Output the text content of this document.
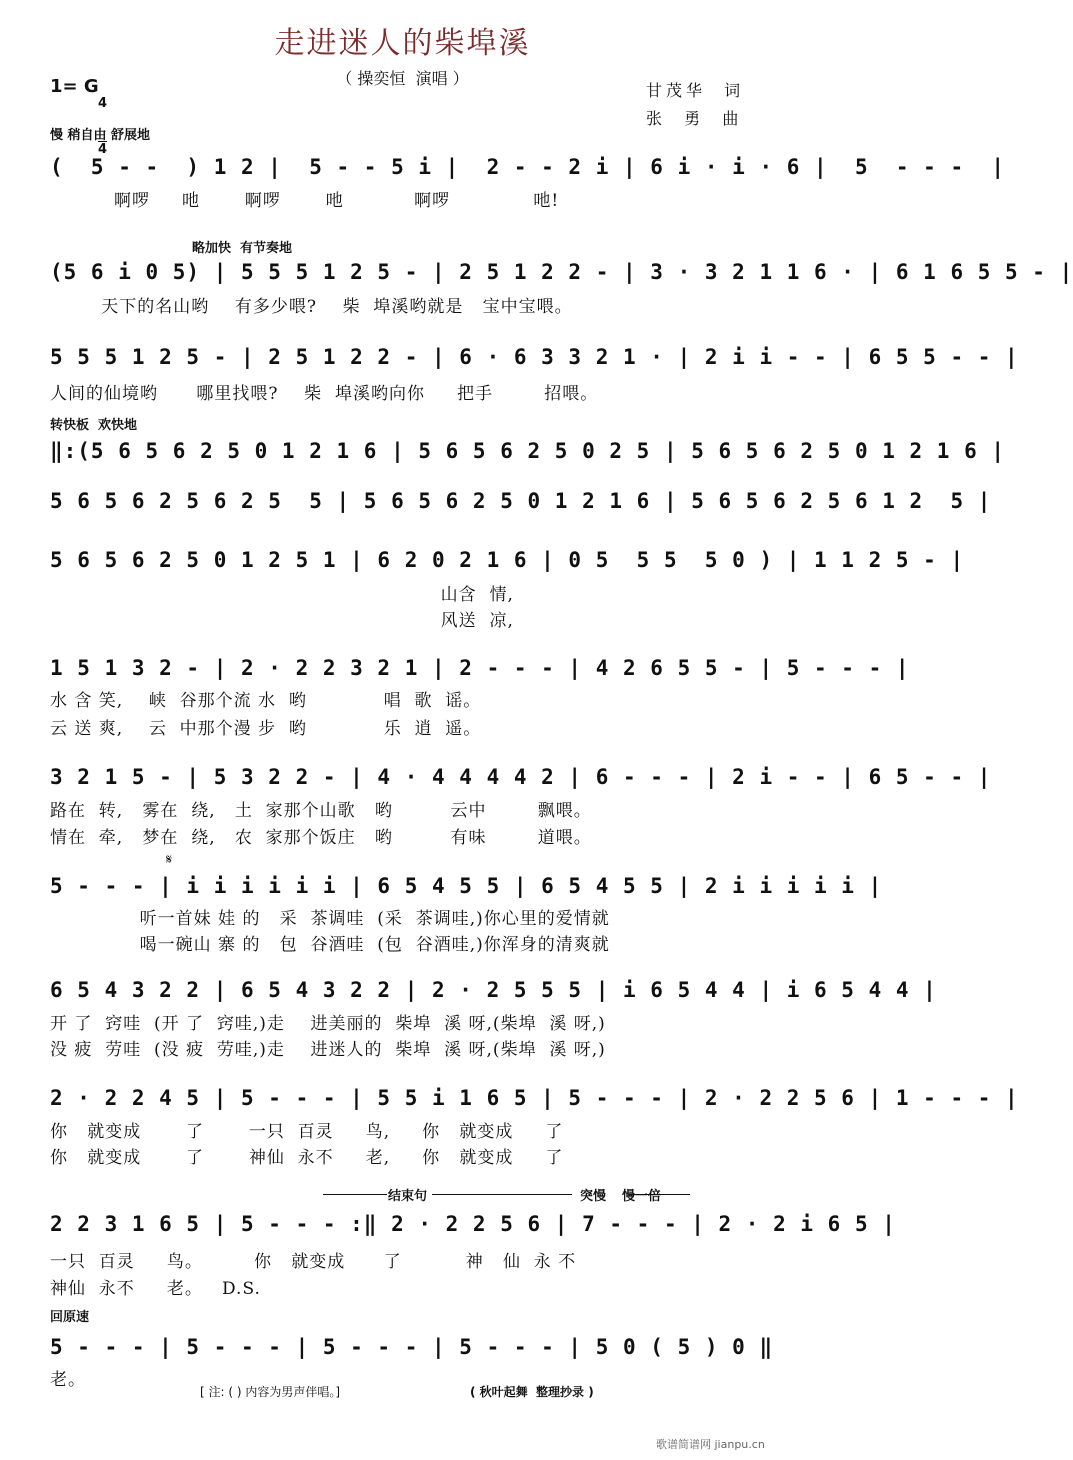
走进迷人的柴埠溪
（ 操奕恒  演唱 ）
1= G

4

4

甘茂华  词
张  勇  曲
慢 稍自由 舒展地
略加快  有节奏地
转快板  欢快地
回原速
(  5 - -  ) 1 2 |  5 - - 5 i |  2 - - 2 i | 6 i · i · 6 |  5  - - -  |
啊啰     吔       啊啰       吔           啊啰             吔!
(5 6 i 0 5) | 5 5 5 1 2 5 - | 2 5 1 2 2 - | 3 · 3 2 1 1 6 · | 6 1 6 5 5 - |
天下的名山哟    有多少喂?    柴  埠溪哟就是   宝中宝喂。
5 5 5 1 2 5 - | 2 5 1 2 2 - | 6 · 6 3 3 2 1 · | 2 i i - - | 6 5 5 - - |
人间的仙境哟      哪里找喂?    柴  埠溪哟向你     把手        招喂。
‖:(5 6 5 6 2 5 0 1 2 1 6 | 5 6 5 6 2 5 0 2 5 | 5 6 5 6 2 5 0 1 2 1 6 |
5 6 5 6 2 5 6 2 5  5 | 5 6 5 6 2 5 0 1 2 1 6 | 5 6 5 6 2 5 6 1 2  5 |
5 6 5 6 2 5 0 1 2 5 1 | 6 2 0 2 1 6 | 0 5  5 5  5 0 ) | 1 1 2 5 - |
山含  情,
风送  凉,
1 5 1 3 2 - | 2 · 2 2 3 2 1 | 2 - - - | 4 2 6 5 5 - | 5 - - - |
水 含 笑,    峡  谷那个流 水  哟            唱  歌  谣。
云 送 爽,    云  中那个漫 步  哟            乐  逍  遥。
3 2 1 5 - | 5 3 2 2 - | 4 · 4 4 4 4 2 | 6 - - - | 2 i - - | 6 5 - - |
路在  转,   雾在  绕,   土  家那个山歌   哟         云中        飘喂。
情在  牵,   梦在  绕,   农  家那个饭庄   哟         有味        道喂。
𝄋
5 - - - | i i i i i i | 6 5 4 5 5 | 6 5 4 5 5 | 2 i i i i i |
听一首妹 娃 的   采  茶调哇  (采  茶调哇,)你心里的爱情就
喝一碗山 寨 的   包  谷酒哇  (包  谷酒哇,)你浑身的清爽就
6 5 4 3 2 2 | 6 5 4 3 2 2 | 2 · 2 5 5 5 | i 6 5 4 4 | i 6 5 4 4 |
开 了  窍哇  (开 了  窍哇,)走    进美丽的  柴埠  溪 呀,(柴埠  溪 呀,)
没 疲  劳哇  (没 疲  劳哇,)走    进迷人的  柴埠  溪 呀,(柴埠  溪 呀,)
2 · 2 2 4 5 | 5 - - - | 5 5 i 1 6 5 | 5 - - - | 2 · 2 2 5 6 | 1 - - - |
你   就变成       了       一只  百灵     鸟,     你   就变成     了
你   就变成       了       神仙  永不     老,     你   就变成     了
结束句	突慢 慢一倍
2 2 3 1 6 5 | 5 - - - :‖ 2 · 2 2 5 6 | 7 - - - | 2 · 2 i 6 5 |
一只  百灵     鸟。        你   就变成      了          神   仙  永 不
神仙  永不     老。   D.S.
5 - - - | 5 - - - | 5 - - - | 5 - - - | 5 0 ( 5 ) 0 ‖
老。
[ 注: ( ) 内容为男声伴唱。]	( 秋叶起舞  整理抄录 )
歌谱简谱网 jianpu.cn
